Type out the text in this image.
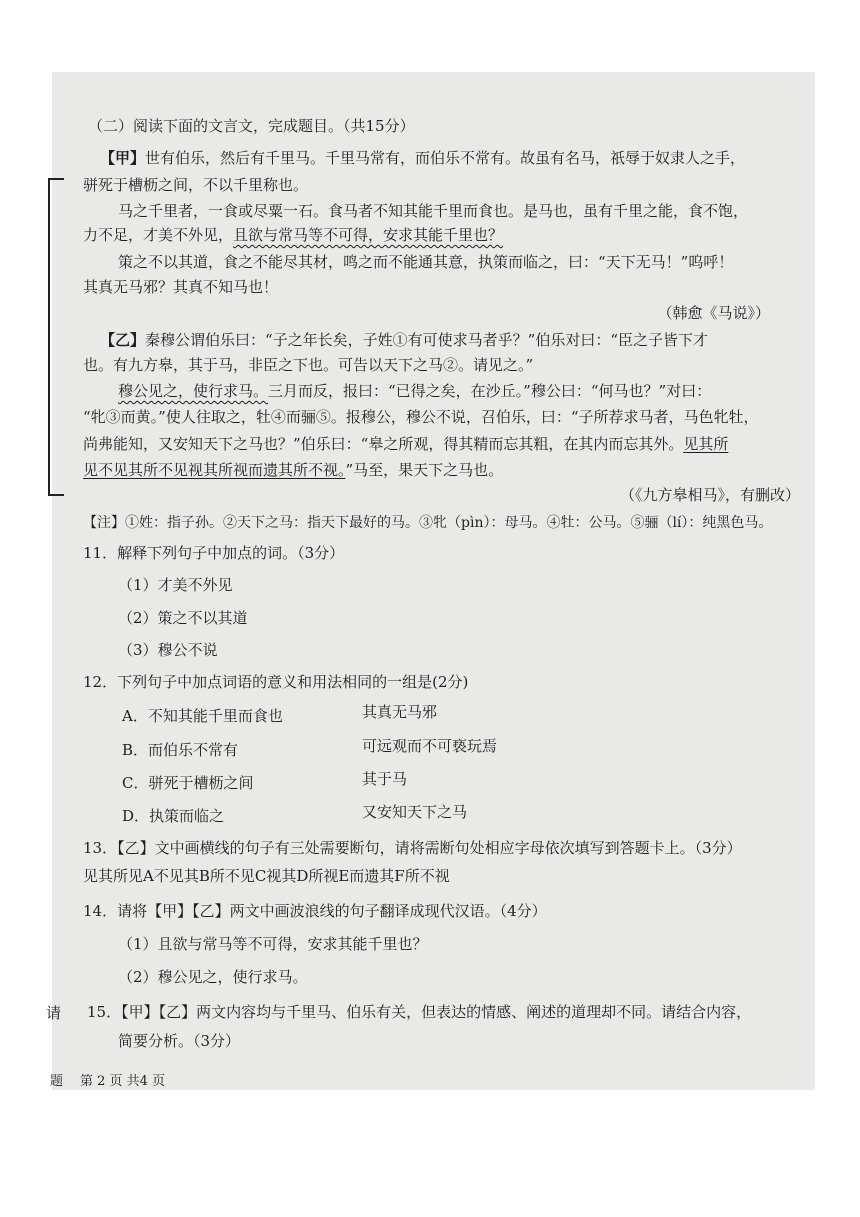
（二）阅读下面的文言文，完成题目。（共15分）
【甲】世有伯乐，然后有千里马。千里马常有，而伯乐不常有。故虽有名马，祇辱于奴隶人之手，
骈死于槽枥之间，不以千里称也。
马之千里者，一食或尽粟一石。食马者不知其能千里而食也。是马也，虽有千里之能，食不饱，
力不足，才美不外见，且欲与常马等不可得，安求其能千里也？
策之不以其道，食之不能尽其材，鸣之而不能通其意，执策而临之，曰：“天下无马！”呜呼！
其真无马邪？其真不知马也！
（韩愈《马说》）
【乙】秦穆公谓伯乐曰：“子之年长矣，子姓①有可使求马者乎？”伯乐对曰：“臣之子皆下才
也。有九方皋，其于马，非臣之下也。可告以天下之马②。请见之。”
穆公见之，使行求马。三月而反，报曰：“已得之矣，在沙丘。”穆公曰：“何马也？”对曰：
“牝③而黄。”使人往取之，牡④而骊⑤。报穆公，穆公不说，召伯乐，曰：“子所荐求马者，马色牝牡，
尚弗能知，又安知天下之马也？”伯乐曰：“皋之所观，得其精而忘其粗，在其内而忘其外。见其所
见不见其所不见视其所视而遗其所不视。”马至，果天下之马也。
（《九方皋相马》，有删改）
【注】①姓：指子孙。②天下之马：指天下最好的马。③牝（pìn）：母马。④牡：公马。⑤骊（lí）：纯黑色马。
11．解释下列句子中加点的词。（3分）
（1）才美不外见
（2）策之不以其道
（3）穆公不说
12．下列句子中加点词语的意义和用法相同的一组是(2分)
A．不知其能千里而食也	其真无马邪
B．而伯乐不常有	可远观而不可亵玩焉
C．骈死于槽枥之间	其于马
D．执策而临之	又安知天下之马
13．【乙】文中画横线的句子有三处需要断句，请将需断句处相应字母依次填写到答题卡上。（3分）
见其所见A不见其B所不见C视其D所视E而遗其F所不视
14．请将【甲】【乙】两文中画波浪线的句子翻译成现代汉语。（4分）
（1）且欲与常马等不可得，安求其能千里也？
（2）穆公见之，使行求马。
15．【甲】【乙】两文内容均与千里马、伯乐有关，但表达的情感、阐述的道理却不同。请结合内容，
简要分析。（3分）
请
题 第 2 页 共4 页
